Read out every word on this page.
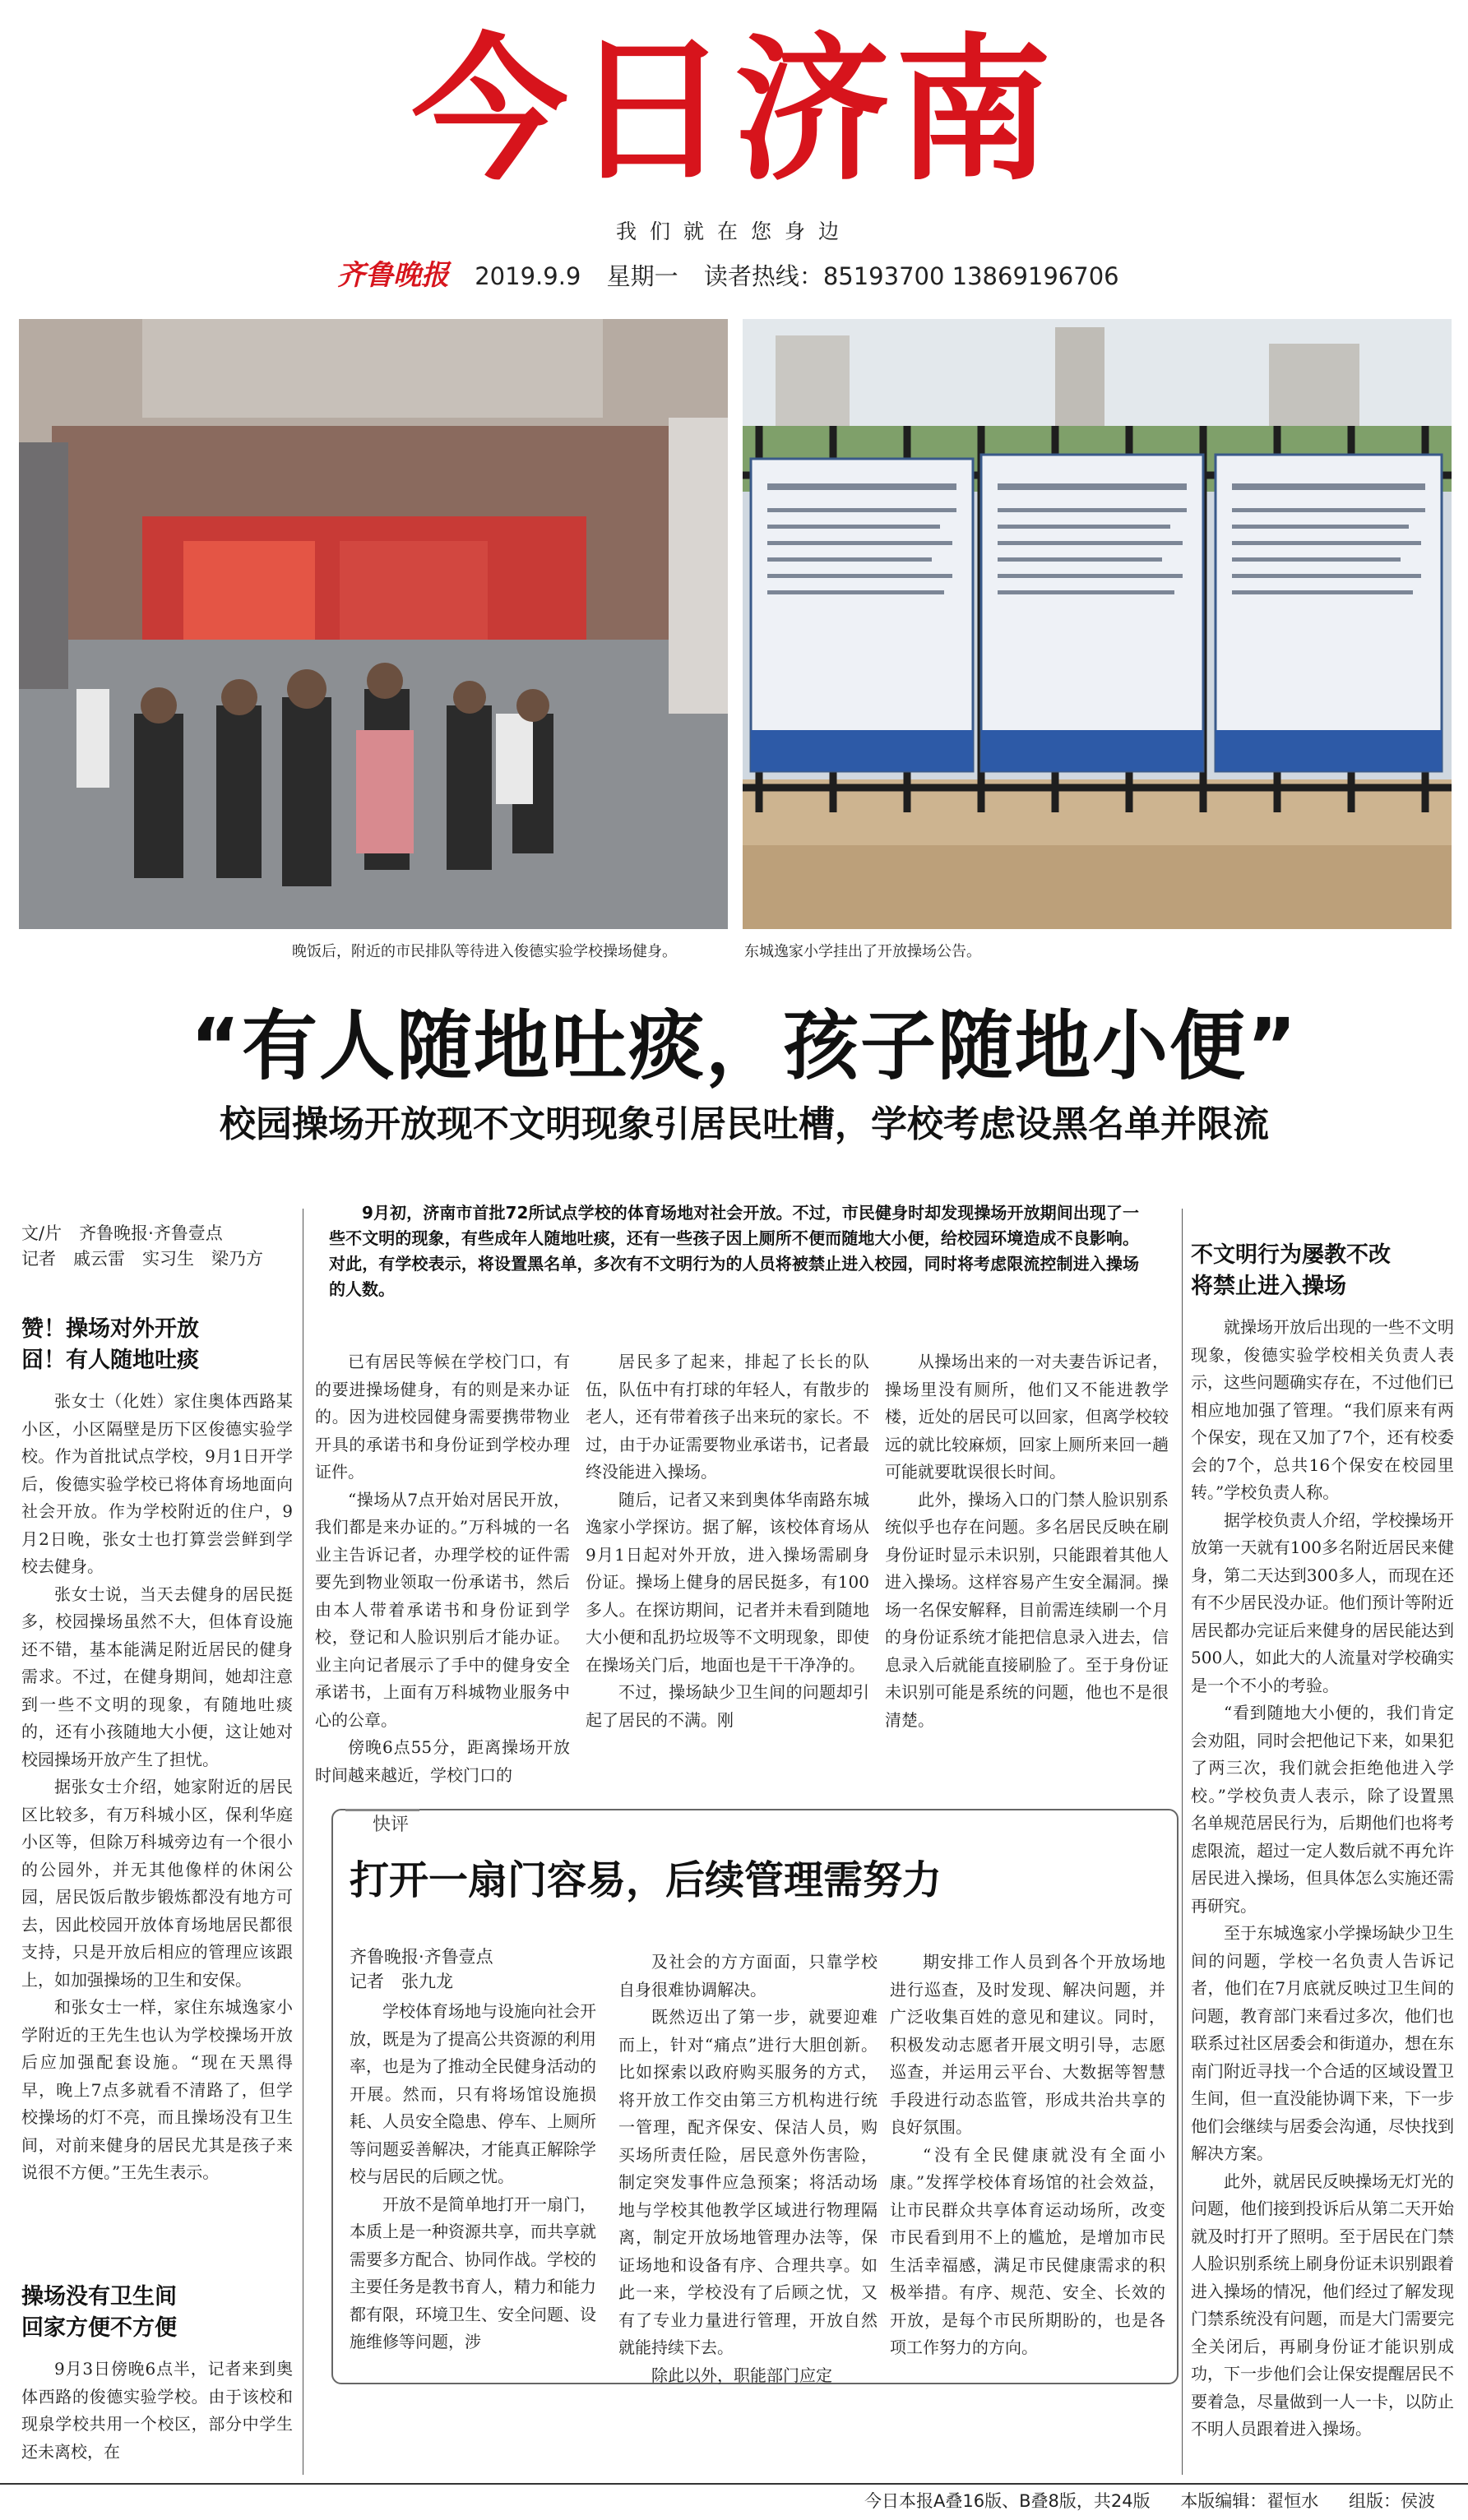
今日济南
我们就在您身边
齐鲁晚报 2019.9.9 星期一 读者热线：85193700 13869196706
晚饭后，附近的市民排队等待进入俊德实验学校操场健身。	东城逸家小学挂出了开放操场公告。
“有人随地吐痰，孩子随地小便”
校园操场开放现不文明现象引居民吐槽，学校考虑设黑名单并限流
文/片　齐鲁晚报·齐鲁壹点
记者　戚云雷　实习生　梁乃方
9月初，济南市首批72所试点学校的体育场地对社会开放。不过，市民健身时却发现操场开放期间出现了一些不文明的现象，有些成年人随地吐痰，还有一些孩子因上厕所不便而随地大小便，给校园环境造成不良影响。对此，有学校表示，将设置黑名单，多次有不文明行为的人员将被禁止进入校园，同时将考虑限流控制进入操场的人数。
赞！操场对外开放
囧！有人随地吐痰
不文明行为屡教不改
将禁止进入操场

张女士（化姓）家住奥体西路某小区，小区隔壁是历下区俊德实验学校。作为首批试点学校，9月1日开学后，俊德实验学校已将体育场地面向社会开放。作为学校附近的住户，9月2日晚，张女士也打算尝尝鲜到学校去健身。

张女士说，当天去健身的居民挺多，校园操场虽然不大，但体育设施还不错，基本能满足附近居民的健身需求。不过，在健身期间，她却注意到一些不文明的现象，有随地吐痰的，还有小孩随地大小便，这让她对校园操场开放产生了担忧。

据张女士介绍，她家附近的居民区比较多，有万科城小区，保利华庭小区等，但除万科城旁边有一个很小的公园外，并无其他像样的休闲公园，居民饭后散步锻炼都没有地方可去，因此校园开放体育场地居民都很支持，只是开放后相应的管理应该跟上，如加强操场的卫生和安保。

和张女士一样，家住东城逸家小学附近的王先生也认为学校操场开放后应加强配套设施。“现在天黑得早，晚上7点多就看不清路了，但学校操场的灯不亮，而且操场没有卫生间，对前来健身的居民尤其是孩子来说很不方便。”王先生表示。

操场没有卫生间
回家方便不方便

9月3日傍晚6点半，记者来到奥体西路的俊德实验学校。由于该校和现泉学校共用一个校区，部分中学生还未离校，在

已有居民等候在学校门口，有的要进操场健身，有的则是来办证的。因为进校园健身需要携带物业开具的承诺书和身份证到学校办理证件。

“操场从7点开始对居民开放，我们都是来办证的。”万科城的一名业主告诉记者，办理学校的证件需要先到物业领取一份承诺书，然后由本人带着承诺书和身份证到学校，登记和人脸识别后才能办证。业主向记者展示了手中的健身安全承诺书，上面有万科城物业服务中心的公章。

傍晚6点55分，距离操场开放时间越来越近，学校门口的

居民多了起来，排起了长长的队伍，队伍中有打球的年轻人，有散步的老人，还有带着孩子出来玩的家长。不过，由于办证需要物业承诺书，记者最终没能进入操场。

随后，记者又来到奥体华南路东城逸家小学探访。据了解，该校体育场从9月1日起对外开放，进入操场需刷身份证。操场上健身的居民挺多，有100多人。在探访期间，记者并未看到随地大小便和乱扔垃圾等不文明现象，即使在操场关门后，地面也是干干净净的。

不过，操场缺少卫生间的问题却引起了居民的不满。刚

从操场出来的一对夫妻告诉记者，操场里没有厕所，他们又不能进教学楼，近处的居民可以回家，但离学校较远的就比较麻烦，回家上厕所来回一趟可能就要耽误很长时间。

此外，操场入口的门禁人脸识别系统似乎也存在问题。多名居民反映在刷身份证时显示未识别，只能跟着其他人进入操场。这样容易产生安全漏洞。操场一名保安解释，目前需连续刷一个月的身份证系统才能把信息录入进去，信息录入后就能直接刷脸了。至于身份证未识别可能是系统的问题，他也不是很清楚。

就操场开放后出现的一些不文明现象，俊德实验学校相关负责人表示，这些问题确实存在，不过他们已相应地加强了管理。“我们原来有两个保安，现在又加了7个，还有校委会的7个，总共16个保安在校园里转。”学校负责人称。

据学校负责人介绍，学校操场开放第一天就有100多名附近居民来健身，第二天达到300多人，而现在还有不少居民没办证。他们预计等附近居民都办完证后来健身的居民能达到500人，如此大的人流量对学校确实是一个不小的考验。

“看到随地大小便的，我们肯定会劝阻，同时会把他记下来，如果犯了两三次，我们就会拒绝他进入学校。”学校负责人表示，除了设置黑名单规范居民行为，后期他们也将考虑限流，超过一定人数后就不再允许居民进入操场，但具体怎么实施还需再研究。

至于东城逸家小学操场缺少卫生间的问题，学校一名负责人告诉记者，他们在7月底就反映过卫生间的问题，教育部门来看过多次，他们也联系过社区居委会和街道办，想在东南门附近寻找一个合适的区域设置卫生间，但一直没能协调下来，下一步他们会继续与居委会沟通，尽快找到解决方案。

此外，就居民反映操场无灯光的问题，他们接到投诉后从第二天开始就及时打开了照明。至于居民在门禁人脸识别系统上刷身份证未识别跟着进入操场的情况，他们经过了解发现门禁系统没有问题，而是大门需要完全关闭后，再刷身份证才能识别成功，下一步他们会让保安提醒居民不要着急，尽量做到一人一卡，以防止不明人员跟着进入操场。

快评
打开一扇门容易，后续管理需努力
齐鲁晚报·齐鲁壹点
记者　张九龙

学校体育场地与设施向社会开放，既是为了提高公共资源的利用率，也是为了推动全民健身活动的开展。然而，只有将场馆设施损耗、人员安全隐患、停车、上厕所等问题妥善解决，才能真正解除学校与居民的后顾之忧。

开放不是简单地打开一扇门，本质上是一种资源共享，而共享就需要多方配合、协同作战。学校的主要任务是教书育人，精力和能力都有限，环境卫生、安全问题、设施维修等问题，涉

及社会的方方面面，只靠学校自身很难协调解决。

既然迈出了第一步，就要迎难而上，针对“痛点”进行大胆创新。比如探索以政府购买服务的方式，将开放工作交由第三方机构进行统一管理，配齐保安、保洁人员，购买场所责任险，居民意外伤害险，制定突发事件应急预案；将活动场地与学校其他教学区域进行物理隔离，制定开放场地管理办法等，保证场地和设备有序、合理共享。如此一来，学校没有了后顾之忧，又有了专业力量进行管理，开放自然就能持续下去。

除此以外，职能部门应定

期安排工作人员到各个开放场地进行巡查，及时发现、解决问题，并广泛收集百姓的意见和建议。同时，积极发动志愿者开展文明引导，志愿巡查，并运用云平台、大数据等智慧手段进行动态监管，形成共治共享的良好氛围。

“没有全民健康就没有全面小康。”发挥学校体育场馆的社会效益，让市民群众共享体育运动场所，改变市民看到用不上的尴尬，是增加市民生活幸福感，满足市民健康需求的积极举措。有序、规范、安全、长效的开放，是每个市民所期盼的，也是各项工作努力的方向。

今日本报A叠16版、B叠8版，共24版 本版编辑：翟恒水 组版：侯波
